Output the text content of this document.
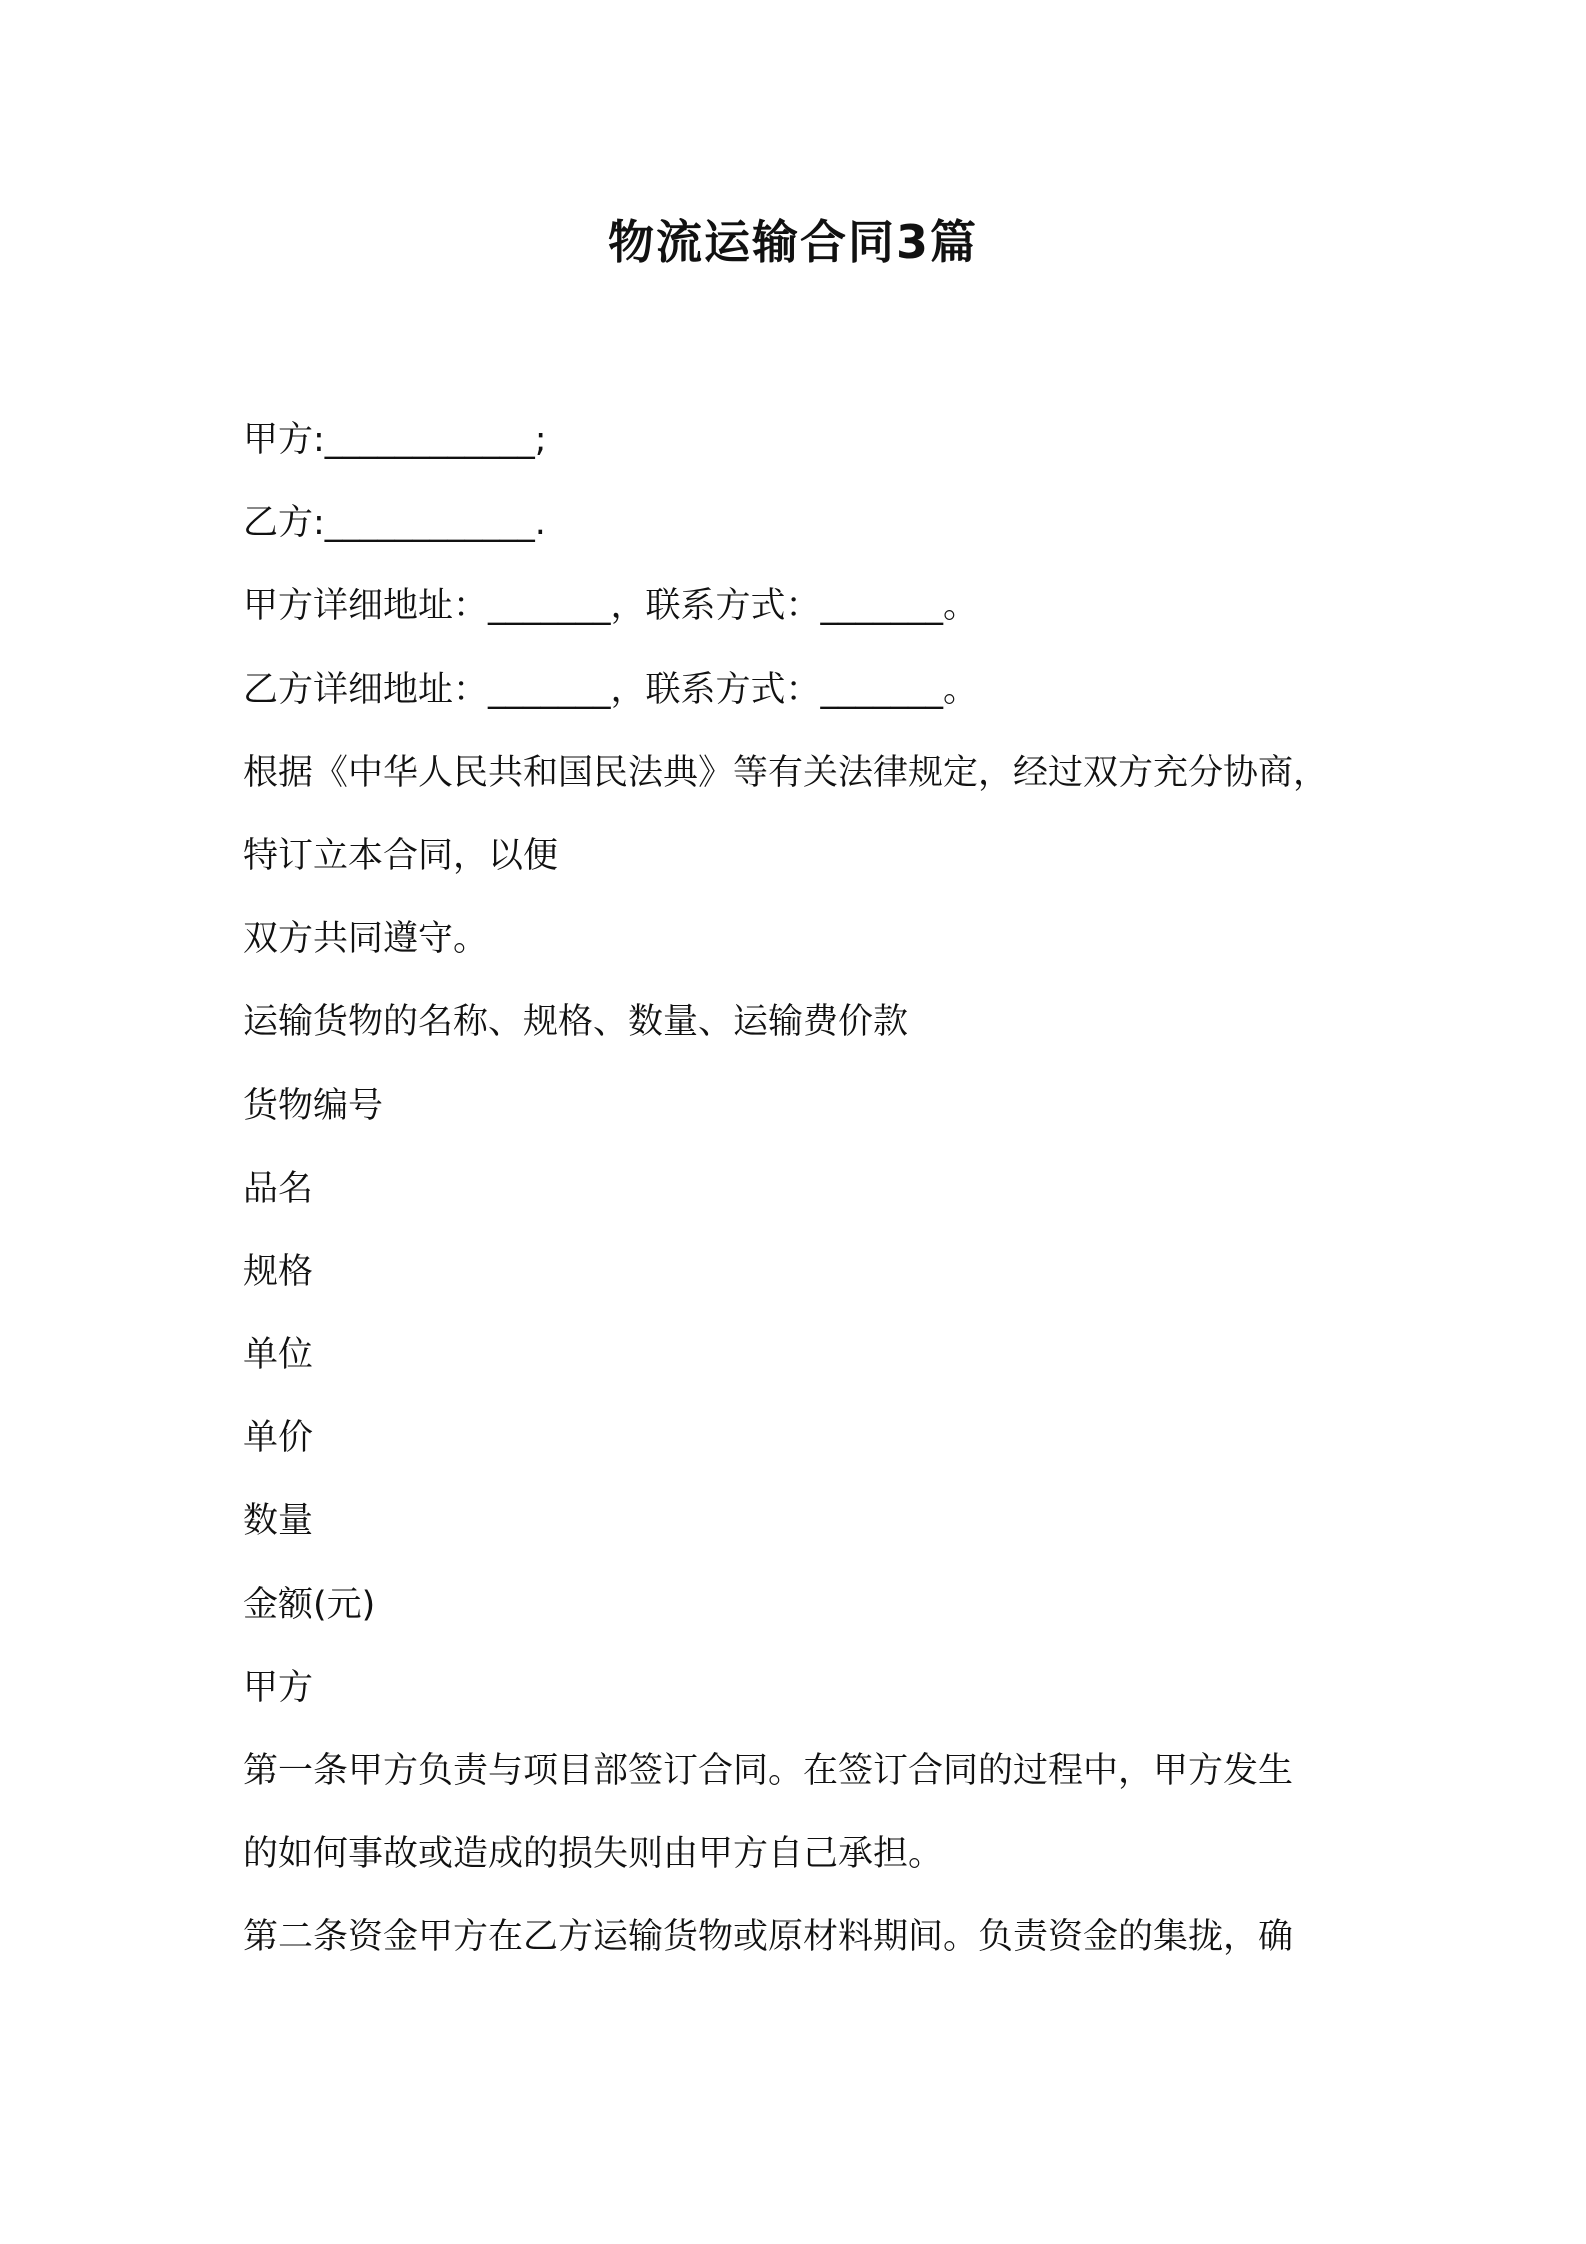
物流运输合同3篇
甲方:____________;
乙方:____________.
甲方详细地址：_______，联系方式：_______。
乙方详细地址：_______，联系方式：_______。
根据《中华人民共和国民法典》等有关法律规定，经过双方充分协商，
特订立本合同，以便
双方共同遵守。
运输货物的名称、规格、数量、运输费价款
货物编号
品名
规格
单位
单价
数量
金额(元)
甲方
第一条甲方负责与项目部签订合同。在签订合同的过程中，甲方发生
的如何事故或造成的损失则由甲方自己承担。
第二条资金甲方在乙方运输货物或原材料期间。负责资金的集拢，确
